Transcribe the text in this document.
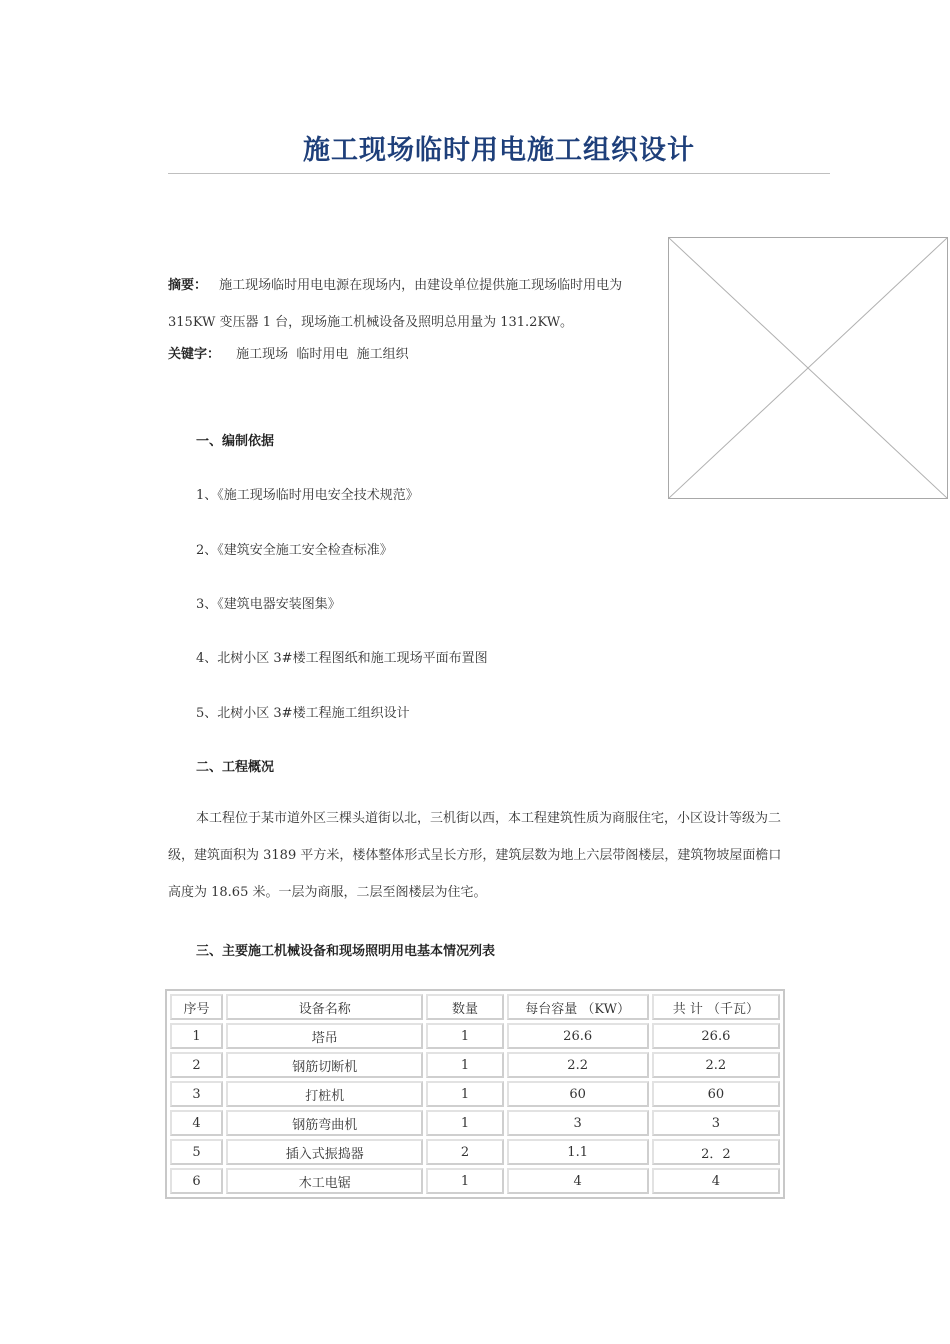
施工现场临时用电施工组织设计
摘要： 施工现场临时用电电源在现场内，由建设单位提供施工现场临时用电为
315KW 变压器 1 台，现场施工机械设备及照明总用量为 131.2KW。
关键字： 施工现场  临时用电  施工组织
一、编制依据
1、《施工现场临时用电安全技术规范》
2、《建筑安全施工安全检查标准》
3、《建筑电器安装图集》
4、北树小区 3#楼工程图纸和施工现场平面布置图
5、北树小区 3#楼工程施工组织设计
二、工程概况
本工程位于某市道外区三棵头道街以北，三机街以西，本工程建筑性质为商服住宅，小区设计等级为二级，建筑面积为 3189 平方米，楼体整体形式呈长方形，建筑层数为地上六层带阁楼层，建筑物坡屋面檐口高度为 18.65 米。一层为商服，二层至阁楼层为住宅。
三、主要施工机械设备和现场照明用电基本情况列表
序号	设备名称	数量	每台容量 （KW）	共 计 （千瓦）
1	塔吊	1	26.6	26.6
2	钢筋切断机	1	2.2	2.2
3	打桩机	1	60	60
4	钢筋弯曲机	1	3	3
5	插入式振捣器	2	1.1	2．2
6	木工电锯	1	4	4
